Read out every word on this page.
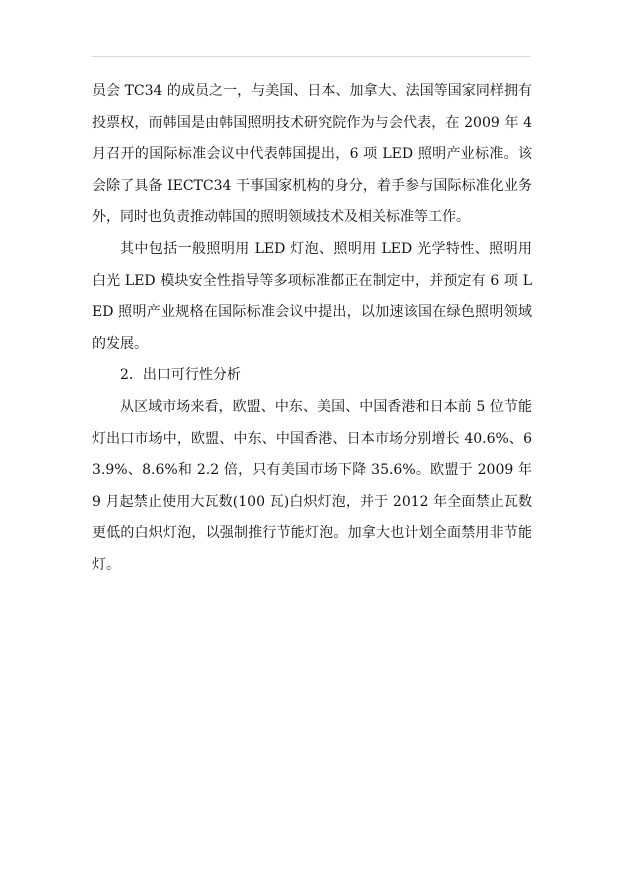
员会 TC34 的成员之一，与美国、日本、加拿大、法国等国家同样拥有投票权，而韩国是由韩国照明技术研究院作为与会代表，在 2009 年 4 月召开的国际标准会议中代表韩国提出，6 项 LED 照明产业标准。该会除了具备 IECTC34 干事国家机构的身分，着手参与国际标准化业务外，同时也负责推动韩国的照明领域技术及相关标准等工作。

其中包括一般照明用 LED 灯泡、照明用 LED 光学特性、照明用白光 LED 模块安全性指导等多项标准都正在制定中，并预定有 6 项 LED 照明产业规格在国际标准会议中提出，以加速该国在绿色照明领域的发展。

2．出口可行性分析

从区域市场来看，欧盟、中东、美国、中国香港和日本前 5 位节能灯出口市场中，欧盟、中东、中国香港、日本市场分别增长 40.6%、63.9%、8.6%和 2.2 倍，只有美国市场下降 35.6%。欧盟于 2009 年 9 月起禁止使用大瓦数(100 瓦)白炽灯泡，并于 2012 年全面禁止瓦数更低的白炽灯泡，以强制推行节能灯泡。加拿大也计划全面禁用非节能灯。
